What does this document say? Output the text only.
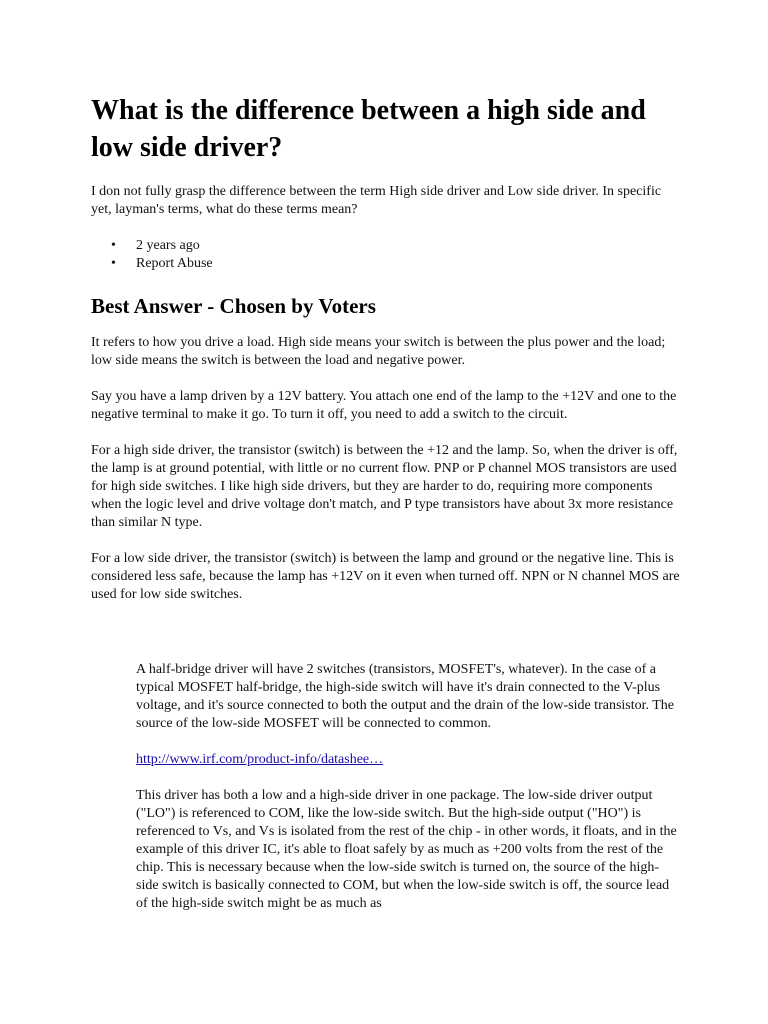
What is the difference between a high side and low side driver?

I don not fully grasp the difference between the term High side driver and Low side driver. In specific yet, layman's terms, what do these terms mean?

• 2 years ago
• Report Abuse
Best Answer - Chosen by Voters

It refers to how you drive a load. High side means your switch is between the plus power and the load; low side means the switch is between the load and negative power.

Say you have a lamp driven by a 12V battery. You attach one end of the lamp to the +12V and one to the negative terminal to make it go. To turn it off, you need to add a switch to the circuit.

For a high side driver, the transistor (switch) is between the +12 and the lamp. So, when the driver is off, the lamp is at ground potential, with little or no current flow. PNP or P channel MOS transistors are used for high side switches. I like high side drivers, but they are harder to do, requiring more components when the logic level and drive voltage don't match, and P type transistors have about 3x more resistance than similar N type.

For a low side driver, the transistor (switch) is between the lamp and ground or the negative line. This is considered less safe, because the lamp has +12V on it even when turned off. NPN or N channel MOS are used for low side switches.

A half-bridge driver will have 2 switches (transistors, MOSFET's, whatever). In the case of a typical MOSFET half-bridge, the high-side switch will have it's drain connected to the V-plus voltage, and it's source connected to both the output and the drain of the low-side transistor. The source of the low-side MOSFET will be connected to common.

http://www.irf.com/product-info/datashee…

This driver has both a low and a high-side driver in one package. The low-side driver output ("LO") is referenced to COM, like the low-side switch. But the high-side output ("HO") is referenced to Vs, and Vs is isolated from the rest of the chip - in other words, it floats, and in the example of this driver IC, it's able to float safely by as much as +200 volts from the rest of the chip. This is necessary because when the low-side switch is turned on, the source of the high-side switch is basically connected to COM, but when the low-side switch is off, the source lead of the high-side switch might be as much as
